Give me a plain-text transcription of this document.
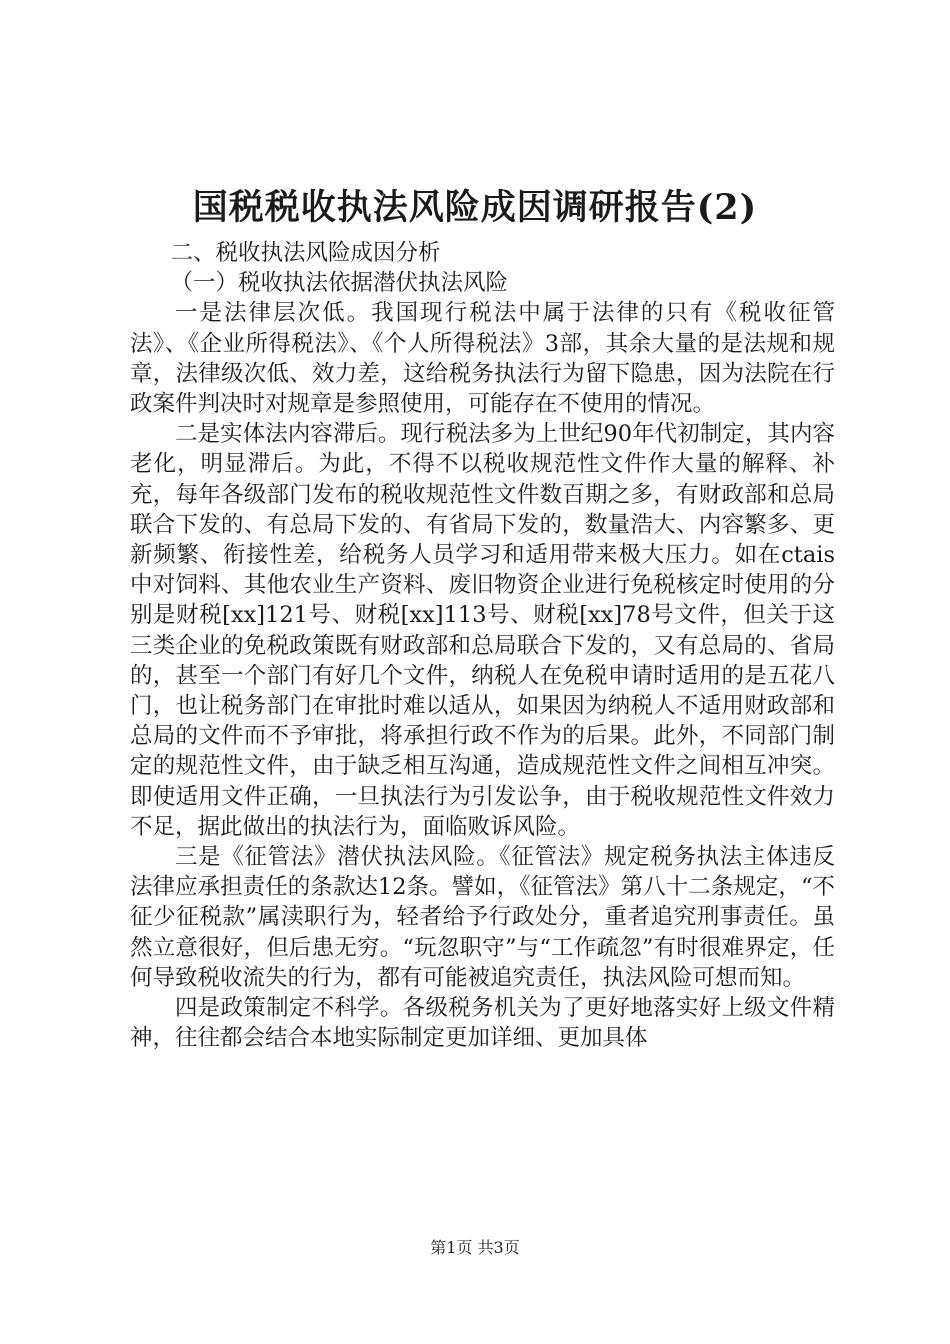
国税税收执法风险成因调研报告(2)

二、税收执法风险成因分析

（一）税收执法依据潜伏执法风险

一是法律层次低。我国现行税法中属于法律的只有《税收征管法》、《企业所得税法》、《个人所得税法》3部，其余大量的是法规和规章，法律级次低、效力差，这给税务执法行为留下隐患，因为法院在行政案件判决时对规章是参照使用，可能存在不使用的情况。

二是实体法内容滞后。现行税法多为上世纪90年代初制定，其内容老化，明显滞后。为此，不得不以税收规范性文件作大量的解释、补充，每年各级部门发布的税收规范性文件数百期之多，有财政部和总局联合下发的、有总局下发的、有省局下发的，数量浩大、内容繁多、更新频繁、衔接性差，给税务人员学习和适用带来极大压力。如在ctais中对饲料、其他农业生产资料、废旧物资企业进行免税核定时使用的分别是财税[xx]121号、财税[xx]113号、财税[xx]78号文件，但关于这三类企业的免税政策既有财政部和总局联合下发的，又有总局的、省局的，甚至一个部门有好几个文件，纳税人在免税申请时适用的是五花八门，也让税务部门在审批时难以适从，如果因为纳税人不适用财政部和总局的文件而不予审批，将承担行政不作为的后果。此外，不同部门制定的规范性文件，由于缺乏相互沟通，造成规范性文件之间相互冲突。即使适用文件正确，一旦执法行为引发讼争，由于税收规范性文件效力不足，据此做出的执法行为，面临败诉风险。

三是《征管法》潜伏执法风险。《征管法》规定税务执法主体违反法律应承担责任的条款达12条。譬如，《征管法》第八十二条规定，“不征少征税款”属渎职行为，轻者给予行政处分，重者追究刑事责任。虽然立意很好，但后患无穷。“玩忽职守”与“工作疏忽”有时很难界定，任何导致税收流失的行为，都有可能被追究责任，执法风险可想而知。

四是政策制定不科学。各级税务机关为了更好地落实好上级文件精神，往往都会结合本地实际制定更加详细、更加具体

第1页 共3页
